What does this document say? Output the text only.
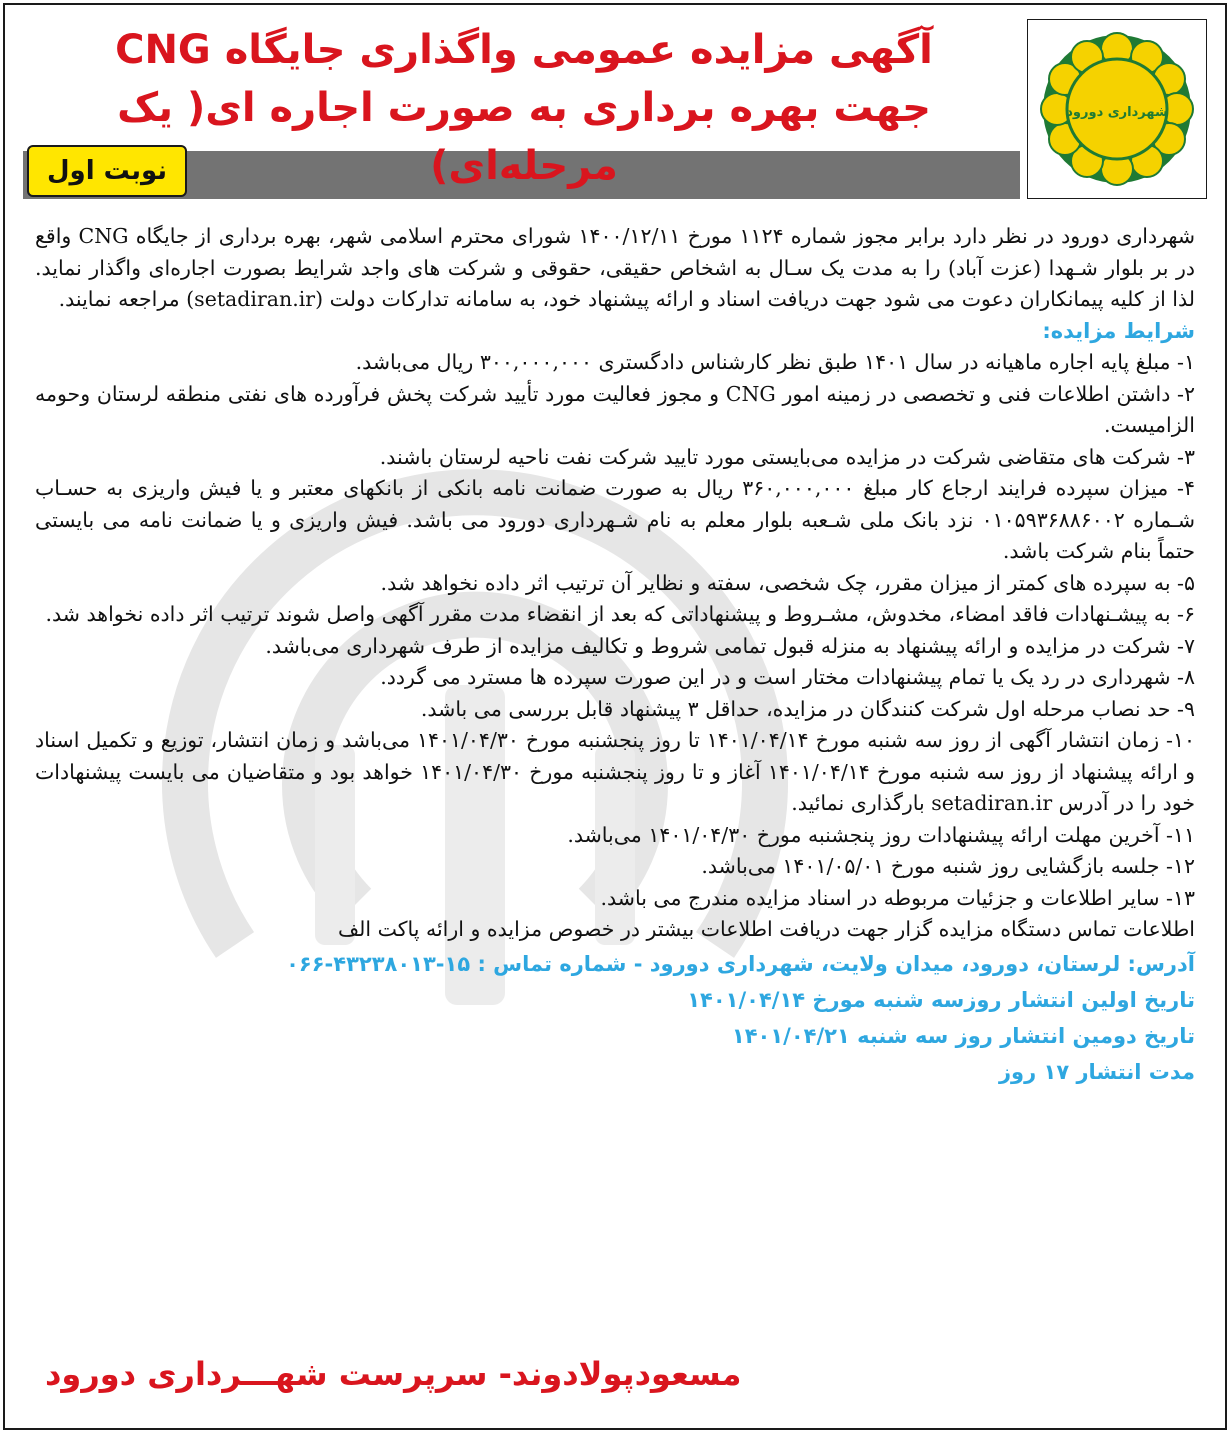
شهرداری دورود
آگهی مزایده عمومی واگذاری جایگاه CNG
جهت بهره برداری به صورت اجاره ای( یک مرحله‌ای)
نوبت اول

شهرداری دورود در نظر دارد برابر مجوز شماره ۱۱۲۴ مورخ ۱۴۰۰/۱۲/۱۱ شورای محترم اسلامی شهر، بهره برداری از جایگاه CNG واقع در بر بلوار شـهدا (عزت آباد) را به مدت یک سـال به اشخاص حقیقی، حقوقی و شرکت های واجد شرایط بصورت اجاره‌ای واگذار نماید. لذا از کلیه پیمانکاران دعوت می شود جهت دریافت اسناد و ارائه پیشنهاد خود، به سامانه تدارکات دولت (setadiran.ir) مراجعه نمایند.

شرایط مزایده:

۱- مبلغ پایه اجاره ماهیانه در سال ۱۴۰۱ طبق نظر کارشناس دادگستری ۳۰۰,۰۰۰,۰۰۰ ریال می‌باشد.

۲- داشتن اطلاعات فنی و تخصصی در زمینه امور CNG و مجوز فعالیت مورد تأیید شرکت پخش فرآورده های نفتی منطقه لرستان وحومه الزامیست.

۳- شرکت های متقاضی شرکت در مزایده می‌بایستی مورد تایید شرکت نفت ناحیه لرستان باشند.

۴- میزان سپرده فرایند ارجاع کار مبلغ ۳۶۰,۰۰۰,۰۰۰ ریال به صورت ضمانت نامه بانکی از بانکهای معتبر و یا فیش واریزی به حسـاب شـماره ۰۱۰۵۹۳۶۸۸۶۰۰۲ نزد بانک ملی شـعبه بلوار معلم به نام شـهرداری دورود می باشد. فیش واریزی و یا ضمانت نامه می بایستی حتماً بنام شرکت باشد.

۵- به سپرده های کمتر از میزان مقرر، چک شخصی، سفته و نظایر آن ترتیب اثر داده نخواهد شد.

۶- به پیشـنهادات فاقد امضاء، مخدوش، مشـروط و پیشنهاداتی که بعد از انقضاء مدت مقرر آگهی واصل شوند ترتیب اثر داده نخواهد شد.

۷- شرکت در مزایده و ارائه پیشنهاد به منزله قبول تمامی شروط و تکالیف مزایده از طرف شهرداری می‌باشد.

۸- شهرداری در رد یک یا تمام پیشنهادات مختار است و در این صورت سپرده ها مسترد می گردد.

۹- حد نصاب مرحله اول شرکت کنندگان در مزایده، حداقل ۳ پیشنهاد قابل بررسی می باشد.

۱۰- زمان انتشار آگهی از روز سه شنبه مورخ ۱۴۰۱/۰۴/۱۴ تا روز پنجشنبه مورخ ۱۴۰۱/۰۴/۳۰ می‌باشد و زمان انتشار، توزیع و تکمیل اسناد و ارائه پیشنهاد از روز سه شنبه مورخ ۱۴۰۱/۰۴/۱۴ آغاز و تا روز پنجشنبه مورخ ۱۴۰۱/۰۴/۳۰ خواهد بود و متقاضیان می بایست پیشنهادات خود را در آدرس setadiran.ir بارگذاری نمائید.

۱۱- آخرین مهلت ارائه پیشنهادات روز پنجشنبه مورخ ۱۴۰۱/۰۴/۳۰ می‌باشد.

۱۲- جلسه بازگشایی روز شنبه مورخ ۱۴۰۱/۰۵/۰۱ می‌باشد.

۱۳- سایر اطلاعات و جزئیات مربوطه در اسناد مزایده مندرج می باشد.

اطلاعات تماس دستگاه مزایده گزار جهت دریافت اطلاعات بیشتر در خصوص مزایده و ارائه پاکت الف

آدرس: لرستان، دورود، میدان ولایت، شهرداری دورود - شماره تماس : ۱۵-۴۳۲۳۸۰۱۳-۰۶۶

تاریخ اولین انتشار روزسه شنبه مورخ ۱۴۰۱/۰۴/۱۴

تاریخ دومین انتشار روز سه شنبه ۱۴۰۱/۰۴/۲۱

مدت انتشار ۱۷ روز

مسعودپولادوند- سرپرست شهـــرداری دورود
